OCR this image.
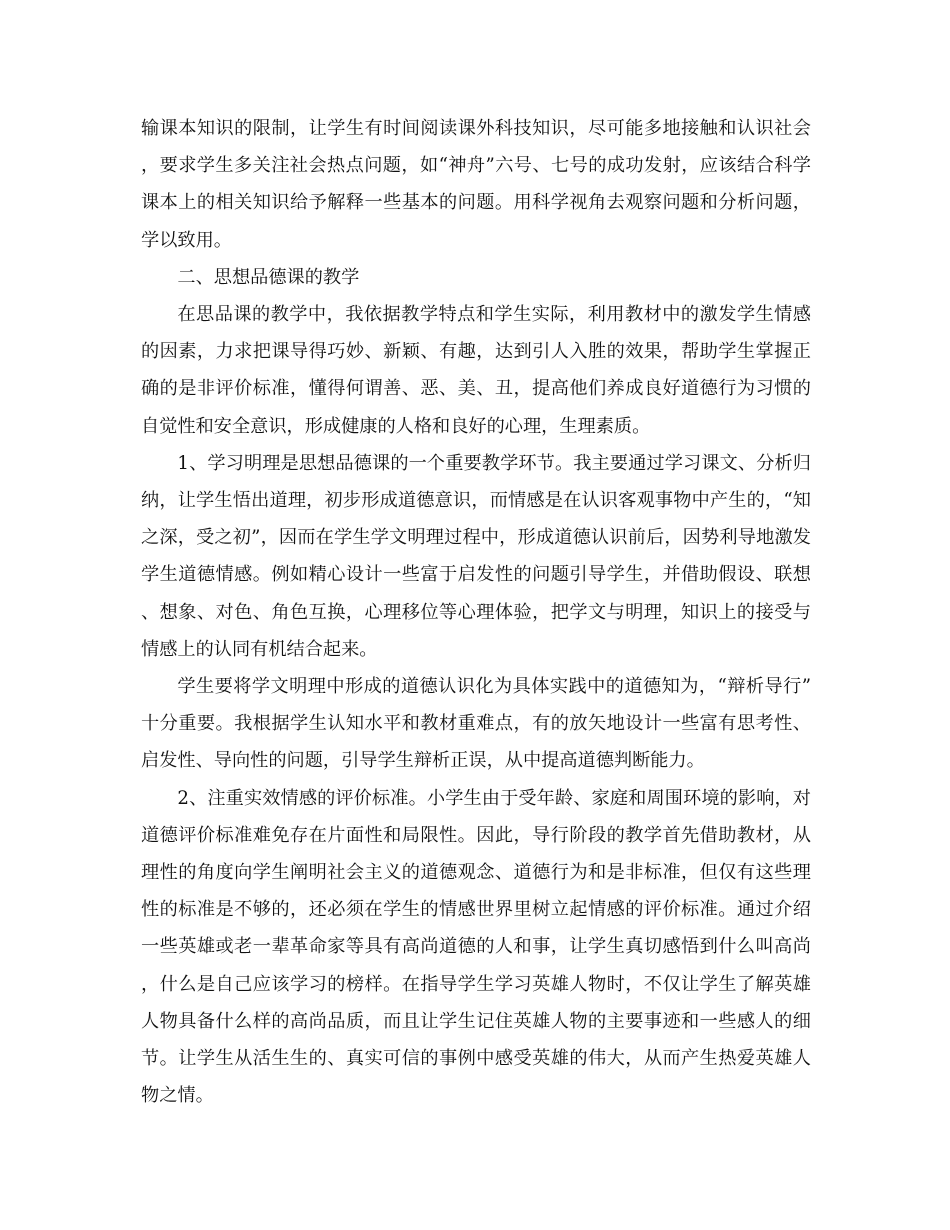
输课本知识的限制，让学生有时间阅读课外科技知识，尽可能多地接触和认识社会，要求学生多关注社会热点问题，如“神舟”六号、七号的成功发射，应该结合科学课本上的相关知识给予解释一些基本的问题。用科学视角去观察问题和分析问题，学以致用。

二、思想品德课的教学

在思品课的教学中，我依据教学特点和学生实际，利用教材中的激发学生情感的因素，力求把课导得巧妙、新颖、有趣，达到引人入胜的效果，帮助学生掌握正确的是非评价标准，懂得何谓善、恶、美、丑，提高他们养成良好道德行为习惯的自觉性和安全意识，形成健康的人格和良好的心理，生理素质。

1、学习明理是思想品德课的一个重要教学环节。我主要通过学习课文、分析归纳，让学生悟出道理，初步形成道德意识，而情感是在认识客观事物中产生的，“知之深，受之初”，因而在学生学文明理过程中，形成道德认识前后，因势利导地激发学生道德情感。例如精心设计一些富于启发性的问题引导学生，并借助假设、联想、想象、对色、角色互换，心理移位等心理体验，把学文与明理，知识上的接受与情感上的认同有机结合起来。

学生要将学文明理中形成的道德认识化为具体实践中的道德知为，“辩析导行”十分重要。我根据学生认知水平和教材重难点，有的放矢地设计一些富有思考性、启发性、导向性的问题，引导学生辩析正误，从中提高道德判断能力。

2、注重实效情感的评价标准。小学生由于受年龄、家庭和周围环境的影响，对道德评价标准难免存在片面性和局限性。因此，导行阶段的教学首先借助教材，从理性的角度向学生阐明社会主义的道德观念、道德行为和是非标准，但仅有这些理性的标准是不够的，还必须在学生的情感世界里树立起情感的评价标准。通过介绍一些英雄或老一辈革命家等具有高尚道德的人和事，让学生真切感悟到什么叫高尚，什么是自己应该学习的榜样。在指导学生学习英雄人物时，不仅让学生了解英雄人物具备什么样的高尚品质，而且让学生记住英雄人物的主要事迹和一些感人的细节。让学生从活生生的、真实可信的事例中感受英雄的伟大，从而产生热爱英雄人物之情。
